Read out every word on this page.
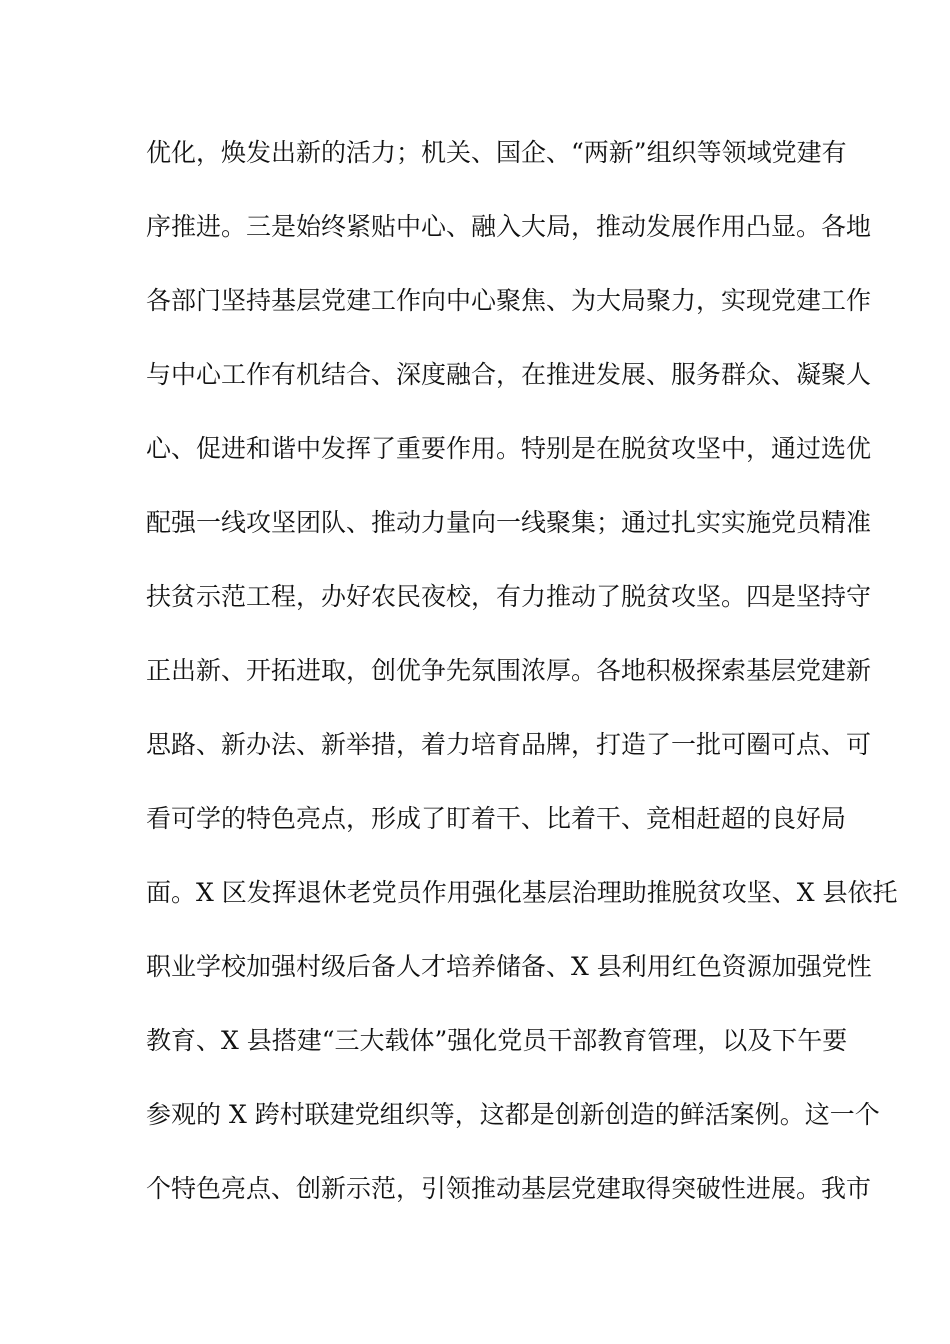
优化，焕发出新的活力；机关、国企、“两新”组织等领域党建有
序推进。三是始终紧贴中心、融入大局，推动发展作用凸显。各地
各部门坚持基层党建工作向中心聚焦、为大局聚力，实现党建工作
与中心工作有机结合、深度融合，在推进发展、服务群众、凝聚人
心、促进和谐中发挥了重要作用。特别是在脱贫攻坚中，通过选优
配强一线攻坚团队、推动力量向一线聚集；通过扎实实施党员精准
扶贫示范工程，办好农民夜校，有力推动了脱贫攻坚。四是坚持守
正出新、开拓进取，创优争先氛围浓厚。各地积极探索基层党建新
思路、新办法、新举措，着力培育品牌，打造了一批可圈可点、可
看可学的特色亮点，形成了盯着干、比着干、竞相赶超的良好局
面。X 区发挥退休老党员作用强化基层治理助推脱贫攻坚、X 县依托
职业学校加强村级后备人才培养储备、X 县利用红色资源加强党性
教育、X 县搭建“三大载体”强化党员干部教育管理，以及下午要
参观的 X 跨村联建党组织等，这都是创新创造的鲜活案例。这一个
个特色亮点、创新示范，引领推动基层党建取得突破性进展。我市
